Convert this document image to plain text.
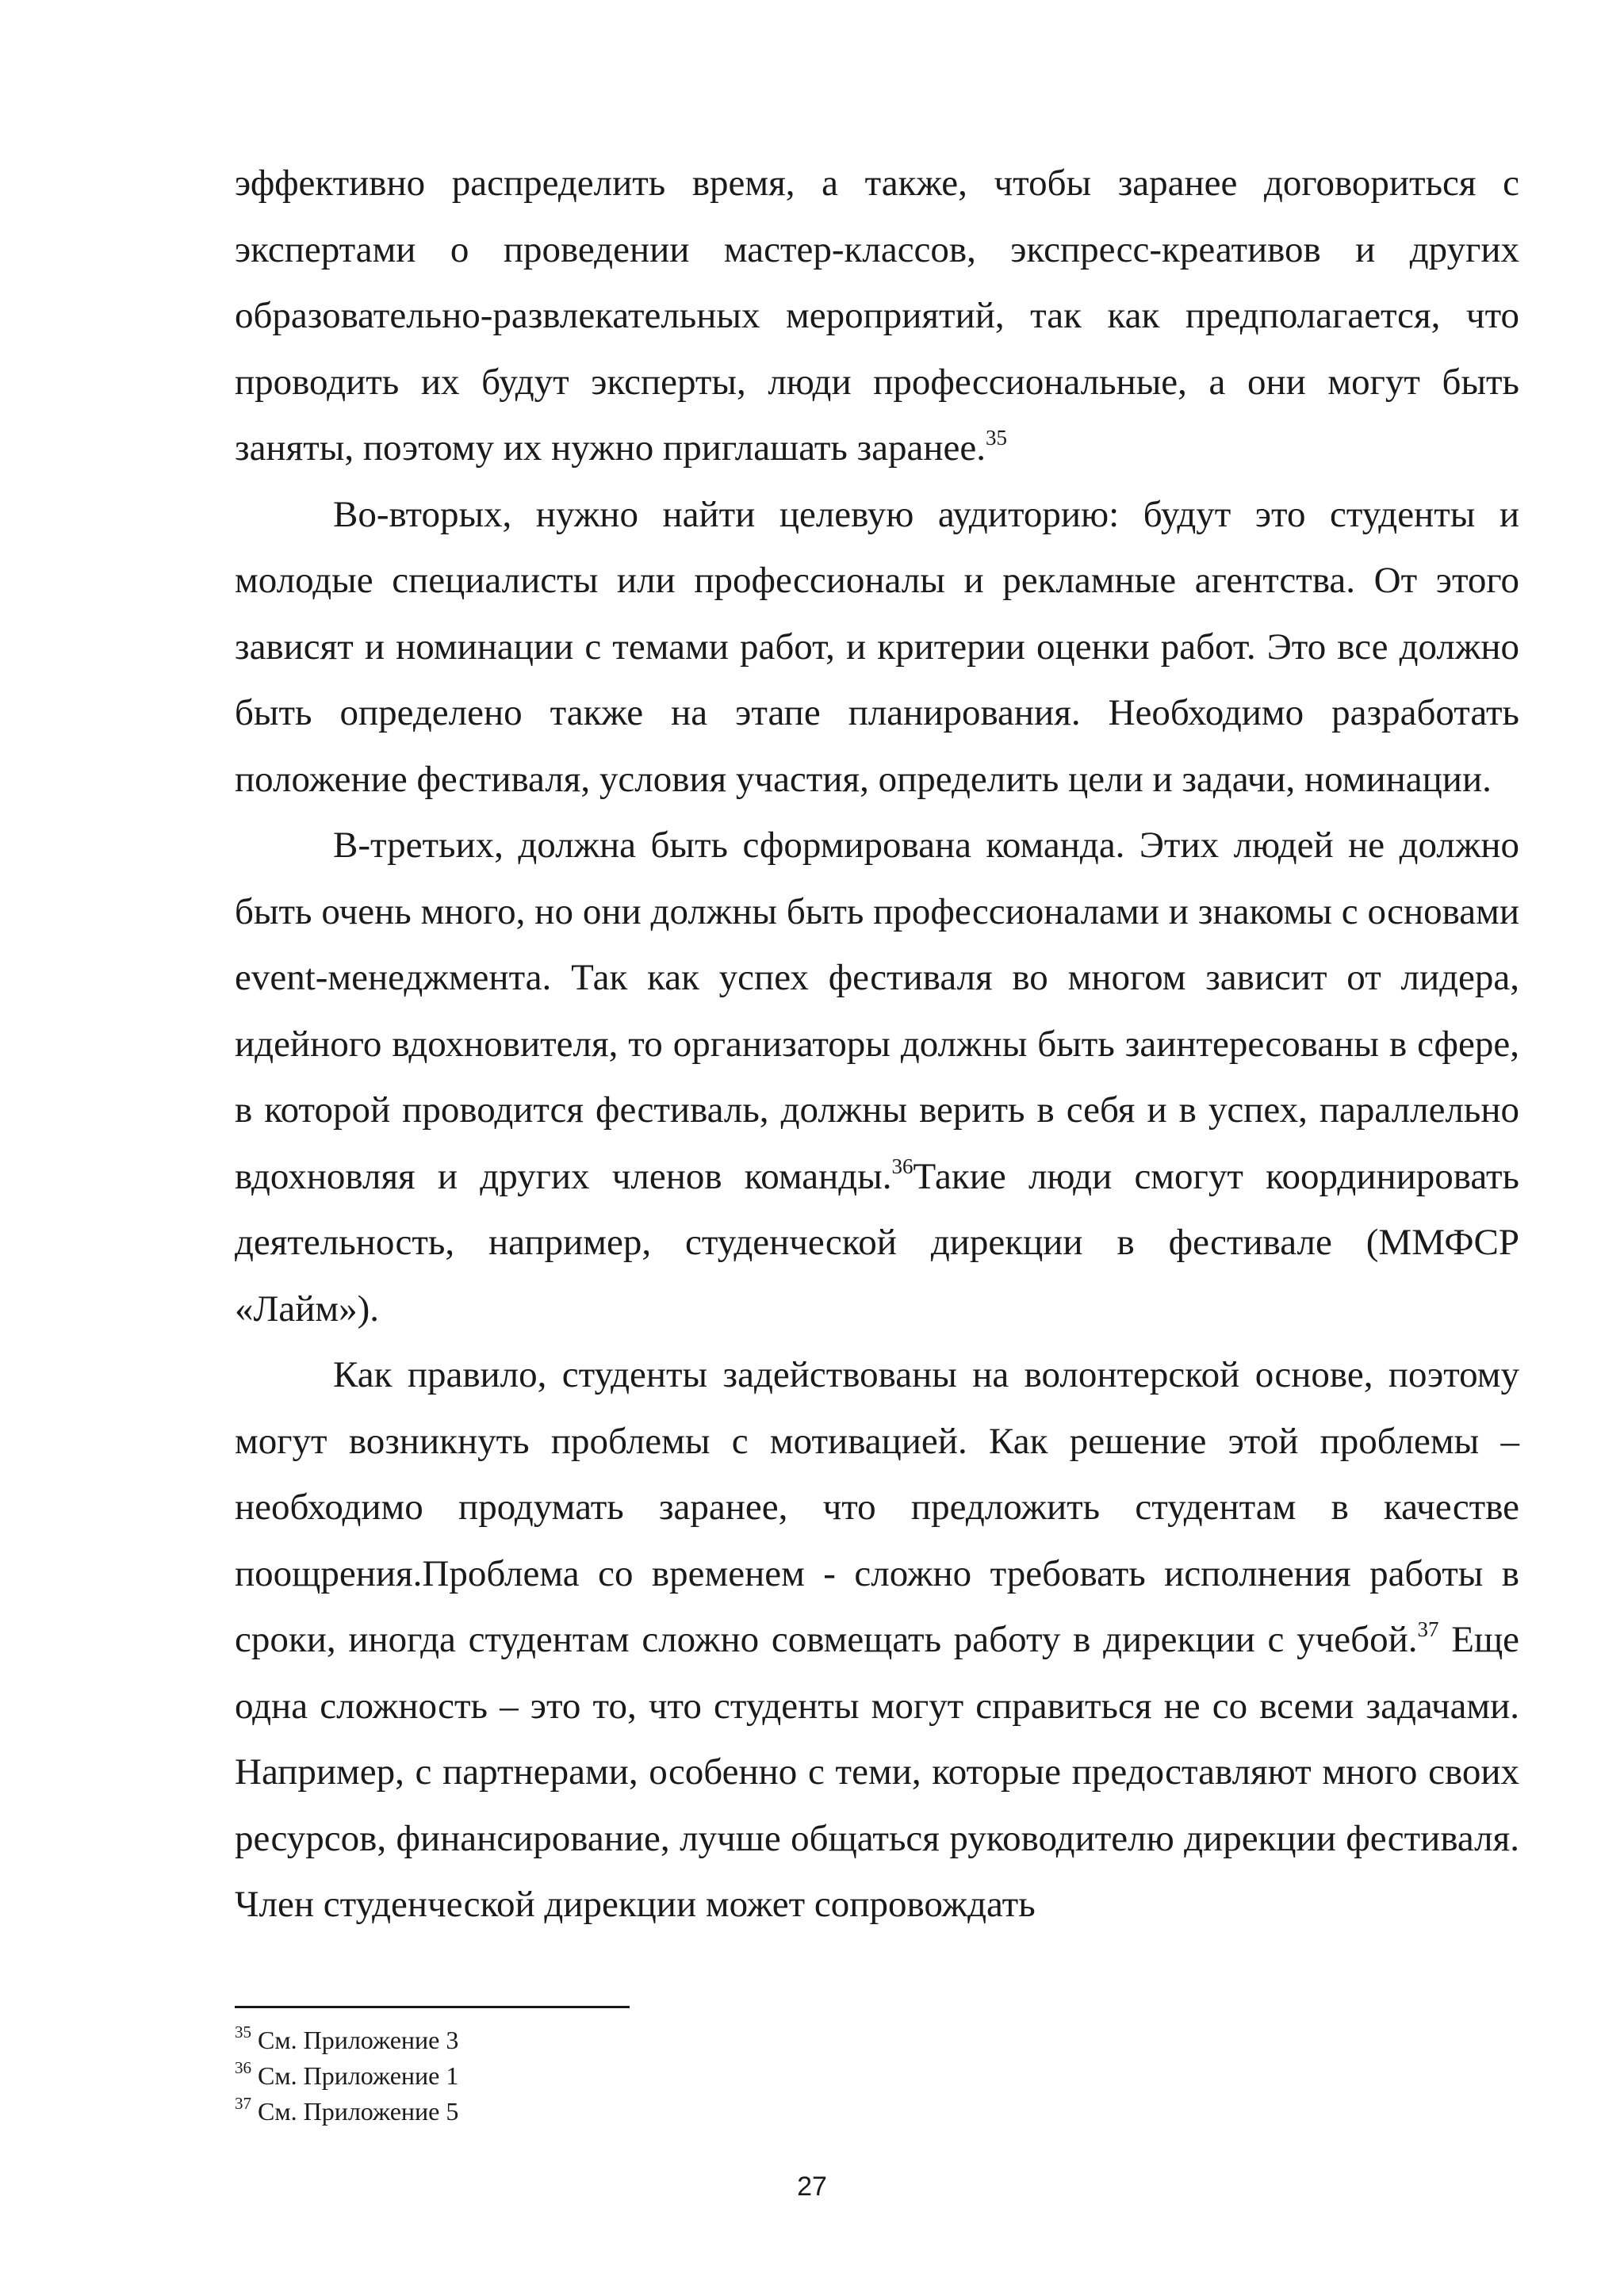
эффективно распределить время, а также, чтобы заранее договориться с экспертами о проведении мастер-классов, экспресс-креативов и других образовательно-развлекательных мероприятий, так как предполагается, что проводить их будут эксперты, люди профессиональные, а они могут быть заняты, поэтому их нужно приглашать заранее.$^{35}$

Во-вторых, нужно найти целевую аудиторию: будут это студенты и молодые специалисты или профессионалы и рекламные агентства. От этого зависят и номинации с темами работ, и критерии оценки работ. Это все должно быть определено также на этапе планирования. Необходимо разработать положение фестиваля, условия участия, определить цели и задачи, номинации.

В-третьих, должна быть сформирована команда. Этих людей не должно быть очень много, но они должны быть профессионалами и знакомы с основами event-менеджмента. Так как успех фестиваля во многом зависит от лидера, идейного вдохновителя, то организаторы должны быть заинтересованы в сфере, в которой проводится фестиваль, должны верить в себя и в успех, параллельно вдохновляя и других членов команды.$^{36}$Такие люди смогут координировать деятельность, например, студенческой дирекции в фестивале (ММФСР «Лайм»).

Как правило, студенты задействованы на волонтерской основе, поэтому могут возникнуть проблемы с мотивацией. Как решение этой проблемы – необходимо продумать заранее, что предложить студентам в качестве поощрения.Проблема со временем - сложно требовать исполнения работы в сроки, иногда студентам сложно совмещать работу в дирекции с учебой.$^{37}$ Еще одна сложность – это то, что студенты могут справиться не со всеми задачами. Например, с партнерами, особенно с теми, которые предоставляют много своих ресурсов, финансирование, лучше общаться руководителю дирекции фестиваля. Член студенческой дирекции может сопровождать

$^{35}$ См. Приложение 3

$^{36}$ См. Приложение 1

$^{37}$ См. Приложение 5

27
